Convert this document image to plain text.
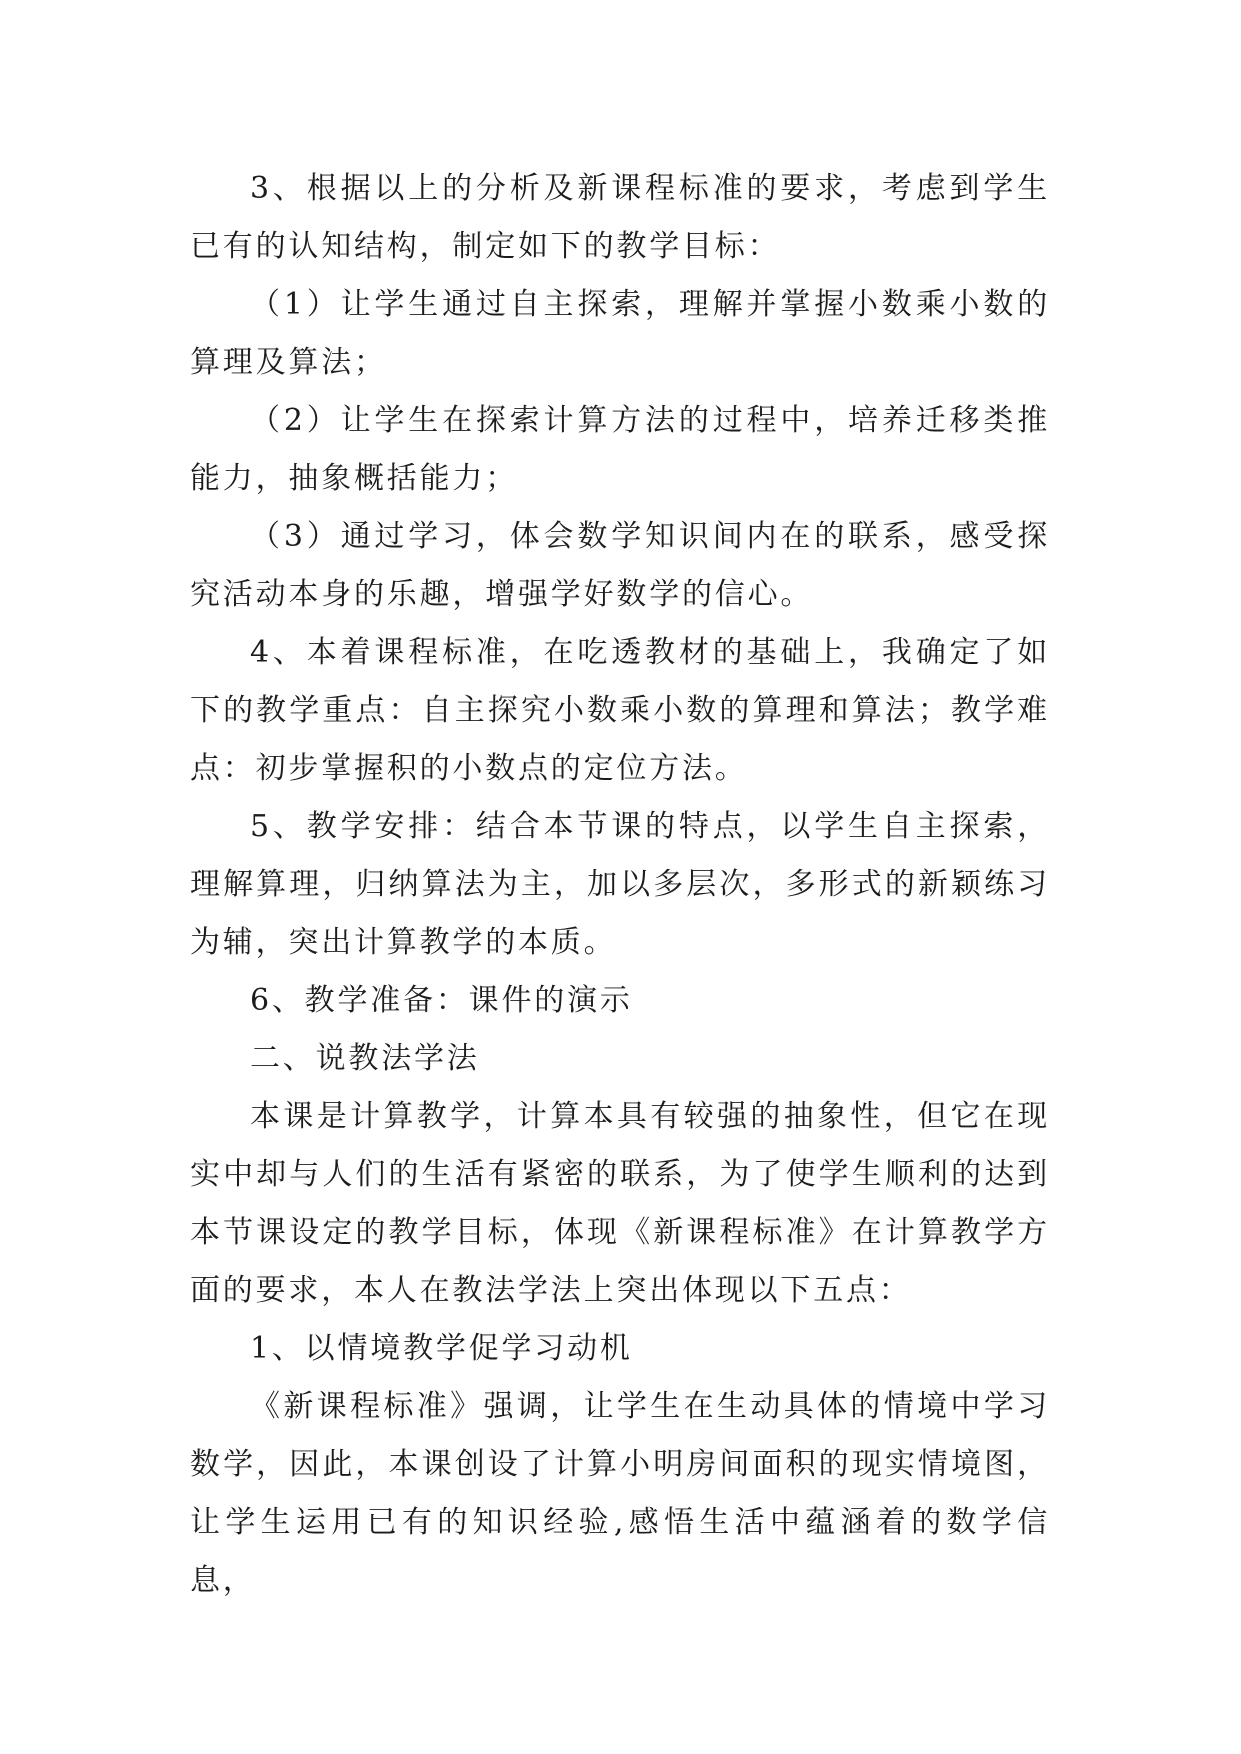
3、根据以上的分析及新课程标准的要求，考虑到学生已有的认知结构，制定如下的教学目标：

（1）让学生通过自主探索，理解并掌握小数乘小数的算理及算法；

（2）让学生在探索计算方法的过程中，培养迁移类推能力，抽象概括能力；

（3）通过学习，体会数学知识间内在的联系，感受探究活动本身的乐趣，增强学好数学的信心。

4、本着课程标准，在吃透教材的基础上，我确定了如下的教学重点：自主探究小数乘小数的算理和算法；教学难点：初步掌握积的小数点的定位方法。

5、教学安排：结合本节课的特点，以学生自主探索，理解算理，归纳算法为主，加以多层次，多形式的新颖练习为辅，突出计算教学的本质。

6、教学准备：课件的演示

二、说教法学法

本课是计算教学，计算本具有较强的抽象性，但它在现实中却与人们的生活有紧密的联系，为了使学生顺利的达到本节课设定的教学目标，体现《新课程标准》在计算教学方面的要求，本人在教法学法上突出体现以下五点：

1、以情境教学促学习动机

《新课程标准》强调，让学生在生动具体的情境中学习数学，因此，本课创设了计算小明房间面积的现实情境图，让学生运用已有的知识经验,感悟生活中蕴涵着的数学信息，
